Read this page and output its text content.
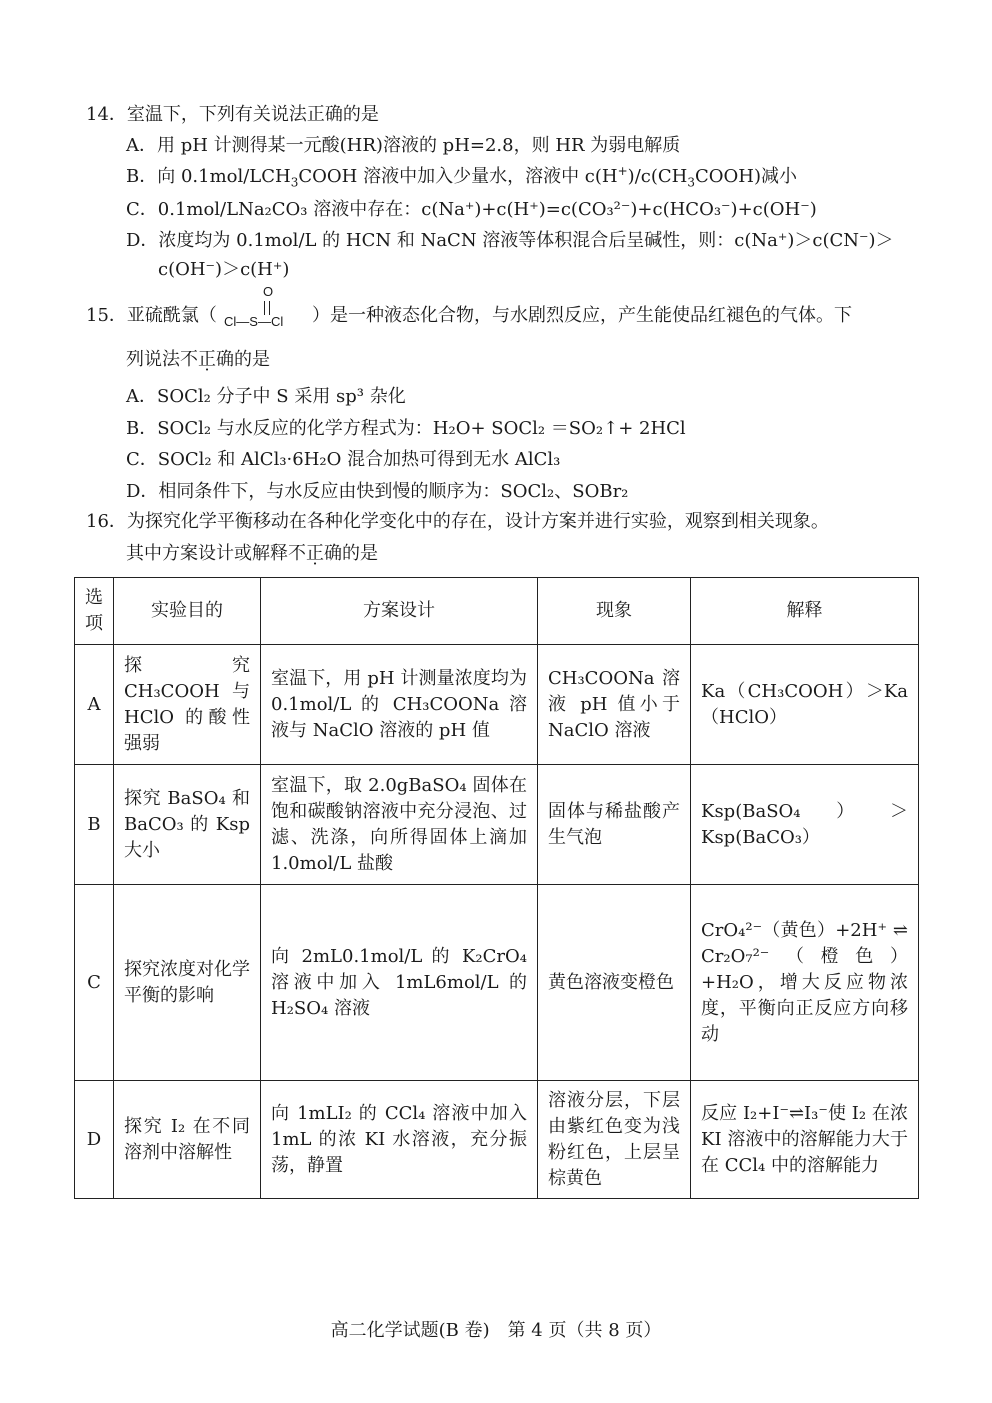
14．室温下，下列有关说法正确的是
A．用 pH 计测得某一元酸(HR)溶液的 pH=2.8，则 HR 为弱电解质
B．向 $0.1mol/LCH_3COOH$ 溶液中加入少量水，溶液中 $c(H^+)/c(CH_3COOH)$减小
C．0.1mol/LNa₂CO₃ 溶液中存在：c(Na⁺)+c(H⁺)=c(CO₃²⁻)+c(HCO₃⁻)+c(OH⁻)
D．浓度均为 0.1mol/L 的 HCN 和 NaCN 溶液等体积混合后呈碱性，则：c(Na⁺)＞c(CN⁻)＞
c(OH⁻)＞c(H⁺)
15．亚硫酰氯（
O
Cl—S—Cl ）是一种液态化合物，与水剧烈反应，产生能使品红褪色的气体。下
列说法不正确的是
A．SOCl₂ 分子中 S 采用 sp³ 杂化
B．SOCl₂ 与水反应的化学方程式为：H₂O+ SOCl₂ ＝SO₂↑+ 2HCl
C．SOCl₂ 和 AlCl₃·6H₂O 混合加热可得到无水 AlCl₃
D．相同条件下，与水反应由快到慢的顺序为：SOCl₂、SOBr₂
16．为探究化学平衡移动在各种化学变化中的存在，设计方案并进行实验，观察到相关现象。
其中方案设计或解释不正确的是
选项	实验目的	方案设计	现象	解释
A	探究 CH₃COOH 与 HClO 的酸性强弱	室温下，用 pH 计测量浓度均为 0.1mol/L 的 CH₃COONa 溶液与 NaClO 溶液的 pH 值	CH₃COONa 溶液 pH 值小于 NaClO 溶液	Ka（CH₃COOH）＞Ka（HClO）
B	探究 BaSO₄ 和 BaCO₃ 的 Ksp 大小	室温下，取 2.0gBaSO₄ 固体在饱和碳酸钠溶液中充分浸泡、过滤、洗涤，向所得固体上滴加 1.0mol/L 盐酸	固体与稀盐酸产生气泡	Ksp(BaSO₄）＞Ksp(BaCO₃）
C	探究浓度对化学平衡的影响	向 2mL0.1mol/L 的 K₂CrO₄ 溶液中加入 1mL6mol/L 的 H₂SO₄ 溶液	黄色溶液变橙色	CrO₄²⁻（黄色）+2H⁺ ⇌ Cr₂O₇²⁻（橙色）+H₂O，增大反应物浓度，平衡向正反应方向移动
D	探究 I₂ 在不同溶剂中溶解性	向 1mLI₂ 的 CCl₄ 溶液中加入 1mL 的浓 KI 水溶液，充分振荡，静置	溶液分层，下层由紫红色变为浅粉红色，上层呈棕黄色	反应 I₂+I⁻⇌I₃⁻使 I₂ 在浓 KI 溶液中的溶解能力大于在 CCl₄ 中的溶解能力
高二化学试题(B 卷)　第 4 页（共 8 页）
